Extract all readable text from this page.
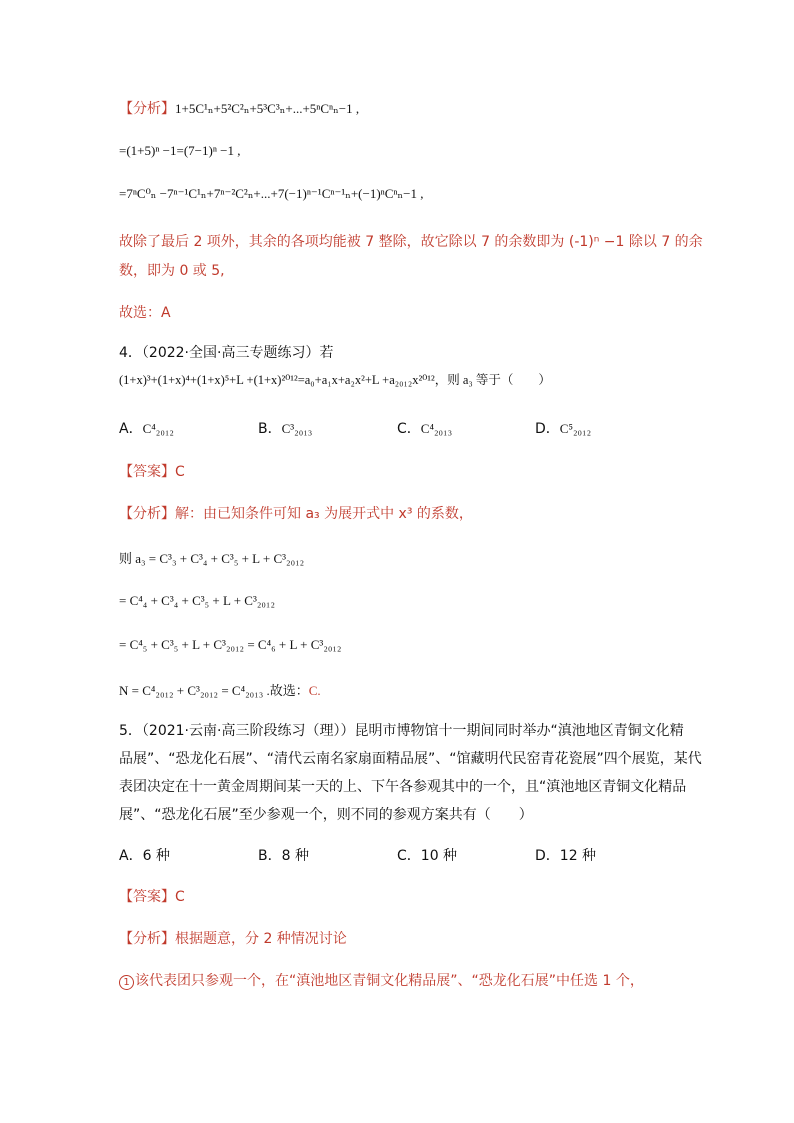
【分析】1+5C¹ₙ+5²C²ₙ+5³C³ₙ+...+5ⁿCⁿₙ−1 ,
=(1+5)ⁿ −1=(7−1)ⁿ −1 ,
=7ⁿC⁰ₙ −7ⁿ⁻¹C¹ₙ+7ⁿ⁻²C²ₙ+...+7(−1)ⁿ⁻¹Cⁿ⁻¹ₙ+(−1)ⁿCⁿₙ−1 ,
故除了最后 2 项外，其余的各项均能被 7 整除，故它除以 7 的余数即为 (-1)ⁿ −1 除以 7 的余
数，即为 0 或 5,
故选：A
4．（2022·全国·高三专题练习）若
(1+x)³+(1+x)⁴+(1+x)⁵+L +(1+x)²⁰¹²=a₀+a₁x+a₂x²+L +a₂₀₁₂x²⁰¹²，则 a₃ 等于（　　）
A．C⁴₂₀₁₂	B．C³₂₀₁₃	C．C⁴₂₀₁₃	D．C⁵₂₀₁₂
【答案】C
【分析】解：由已知条件可知 a₃ 为展开式中 x³ 的系数，
则 a₃ = C³₃ + C³₄ + C³₅ + L + C³₂₀₁₂
= C⁴₄ + C³₄ + C³₅ + L + C³₂₀₁₂
= C⁴₅ + C³₅ + L + C³₂₀₁₂ = C⁴₆ + L + C³₂₀₁₂
N = C⁴₂₀₁₂ + C³₂₀₁₂ = C⁴₂₀₁₃ .故选：C.
5．（2021·云南·高三阶段练习（理））昆明市博物馆十一期间同时举办“滇池地区青铜文化精
品展”、“恐龙化石展”、“清代云南名家扇面精品展”、“馆藏明代民窑青花瓷展”四个展览，某代
表团决定在十一黄金周期间某一天的上、下午各参观其中的一个，且“滇池地区青铜文化精品
展”、“恐龙化石展”至少参观一个，则不同的参观方案共有（　　）
A．6 种	B．8 种	C．10 种	D．12 种
【答案】C
【分析】根据题意，分 2 种情况讨论
1 该代表团只参观一个，在“滇池地区青铜文化精品展”、“恐龙化石展”中任选 1 个，
